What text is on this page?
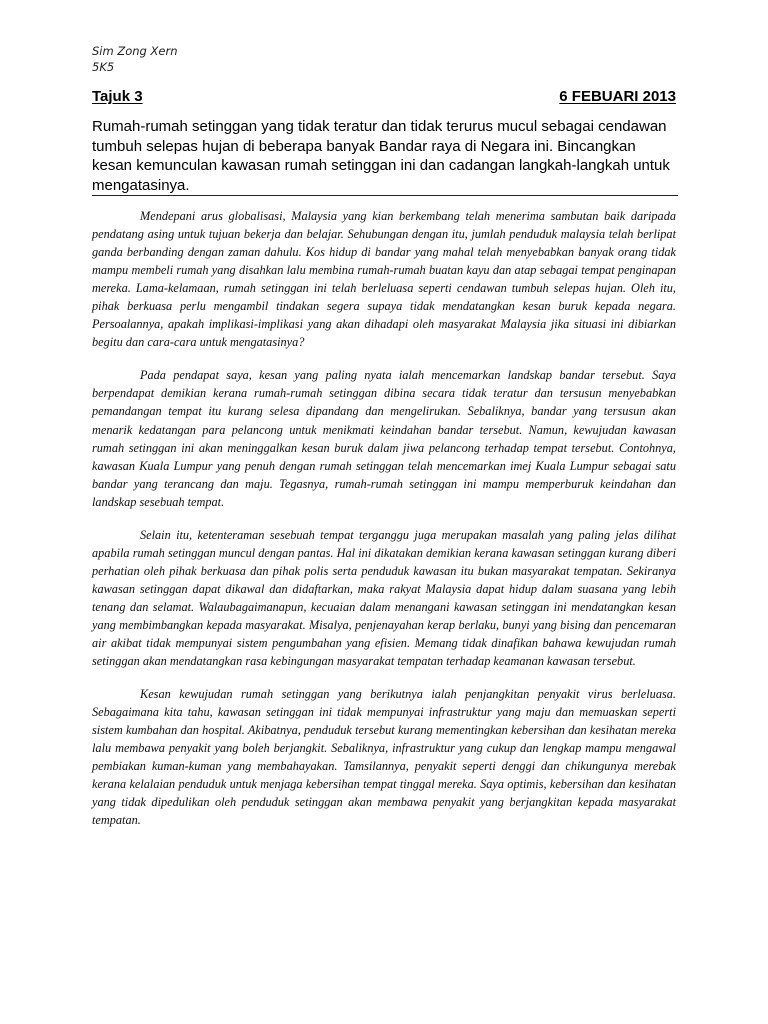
Sim Zong Xern
5K5
Tajuk 3	6 FEBUARI 2013
Rumah-rumah setinggan yang tidak teratur dan tidak terurus mucul sebagai cendawan tumbuh selepas hujan di beberapa banyak Bandar raya di Negara ini. Bincangkan kesan kemunculan kawasan rumah setinggan ini dan cadangan langkah-langkah untuk mengatasinya.

Mendepani arus globalisasi, Malaysia yang kian berkembang telah menerima sambutan baik daripada pendatang asing untuk tujuan bekerja dan belajar. Sehubungan dengan itu, jumlah penduduk malaysia telah berlipat ganda berbanding dengan zaman dahulu. Kos hidup di bandar yang mahal telah menyebabkan banyak orang tidak mampu membeli rumah yang disahkan lalu membina rumah-rumah buatan kayu dan atap sebagai tempat penginapan mereka. Lama-kelamaan, rumah setinggan ini telah berleluasa seperti cendawan tumbuh selepas hujan. Oleh itu, pihak berkuasa perlu mengambil tindakan segera supaya tidak mendatangkan kesan buruk kepada negara. Persoalannya, apakah implikasi-implikasi yang akan dihadapi oleh masyarakat Malaysia jika situasi ini dibiarkan begitu dan cara-cara untuk mengatasinya?

Pada pendapat saya, kesan yang paling nyata ialah mencemarkan landskap bandar tersebut. Saya berpendapat demikian kerana rumah-rumah setinggan dibina secara tidak teratur dan tersusun menyebabkan pemandangan tempat itu kurang selesa dipandang dan mengelirukan. Sebaliknya, bandar yang tersusun akan menarik kedatangan para pelancong untuk menikmati keindahan bandar tersebut. Namun, kewujudan kawasan rumah setinggan ini akan meninggalkan kesan buruk dalam jiwa pelancong terhadap tempat tersebut. Contohnya, kawasan Kuala Lumpur yang penuh dengan rumah setinggan telah mencemarkan imej Kuala Lumpur sebagai satu bandar yang terancang dan maju. Tegasnya, rumah-rumah setinggan ini mampu memperburuk keindahan dan landskap sesebuah tempat.

Selain itu, ketenteraman sesebuah tempat terganggu juga merupakan masalah yang paling jelas dilihat apabila rumah setinggan muncul dengan pantas. Hal ini dikatakan demikian kerana kawasan setinggan kurang diberi perhatian oleh pihak berkuasa dan pihak polis serta penduduk kawasan itu bukan masyarakat tempatan. Sekiranya kawasan setinggan dapat dikawal dan didaftarkan, maka rakyat Malaysia dapat hidup dalam suasana yang lebih tenang dan selamat. Walaubagaimanapun, kecuaian dalam menangani kawasan setinggan ini mendatangkan kesan yang membimbangkan kepada masyarakat. Misalya, penjenayahan kerap berlaku, bunyi yang bising dan pencemaran air akibat tidak mempunyai sistem pengumbahan yang efisien. Memang tidak dinafikan bahawa kewujudan rumah setinggan akan mendatangkan rasa kebingungan masyarakat tempatan terhadap keamanan kawasan tersebut.

Kesan kewujudan rumah setinggan yang berikutnya ialah penjangkitan penyakit virus berleluasa. Sebagaimana kita tahu, kawasan setinggan ini tidak mempunyai infrastruktur yang maju dan memuaskan seperti sistem kumbahan dan hospital. Akibatnya, penduduk tersebut kurang mementingkan kebersihan dan kesihatan mereka lalu membawa penyakit yang boleh berjangkit. Sebaliknya, infrastruktur yang cukup dan lengkap mampu mengawal pembiakan kuman-kuman yang membahayakan. Tamsilannya, penyakit seperti denggi dan chikungunya merebak kerana kelalaian penduduk untuk menjaga kebersihan tempat tinggal mereka. Saya optimis, kebersihan dan kesihatan yang tidak dipedulikan oleh penduduk setinggan akan membawa penyakit yang berjangkitan kepada masyarakat tempatan.
